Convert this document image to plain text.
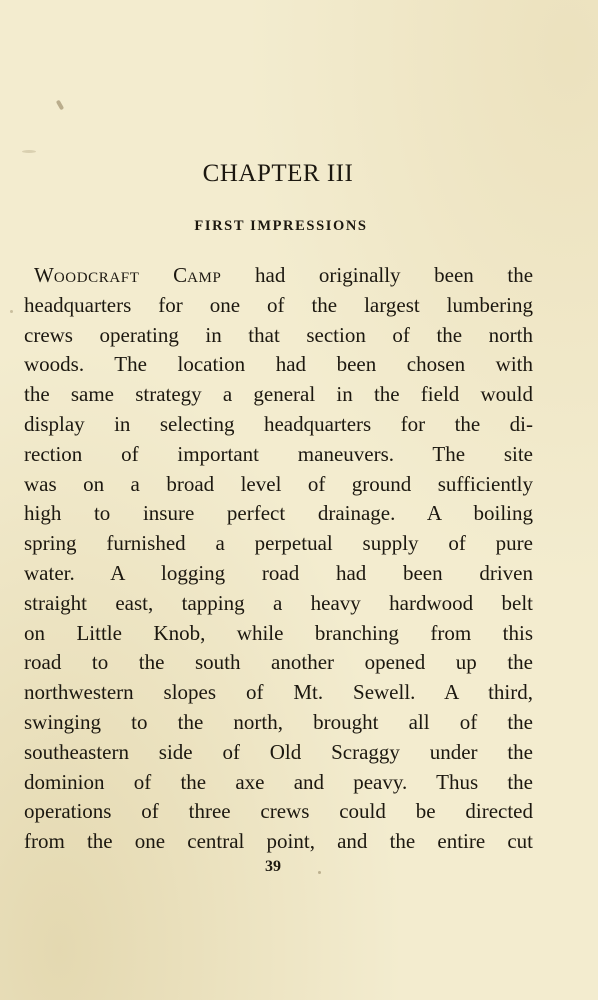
CHAPTER III
FIRST IMPRESSIONS
WOODCRAFT CAMP had originally been the
headquarters for one of the largest lumbering
crews operating in that section of the north
woods. The location had been chosen with
the same strategy a general in the field would
display in selecting headquarters for the di-
rection of important maneuvers. The site
was on a broad level of ground sufficiently
high to insure perfect drainage. A boiling
spring furnished a perpetual supply of pure
water. A logging road had been driven
straight east, tapping a heavy hardwood belt
on Little Knob, while branching from this
road to the south another opened up the
northwestern slopes of Mt. Sewell. A third,
swinging to the north, brought all of the
southeastern side of Old Scraggy under the
dominion of the axe and peavy. Thus the
operations of three crews could be directed
from the one central point, and the entire cut
39
